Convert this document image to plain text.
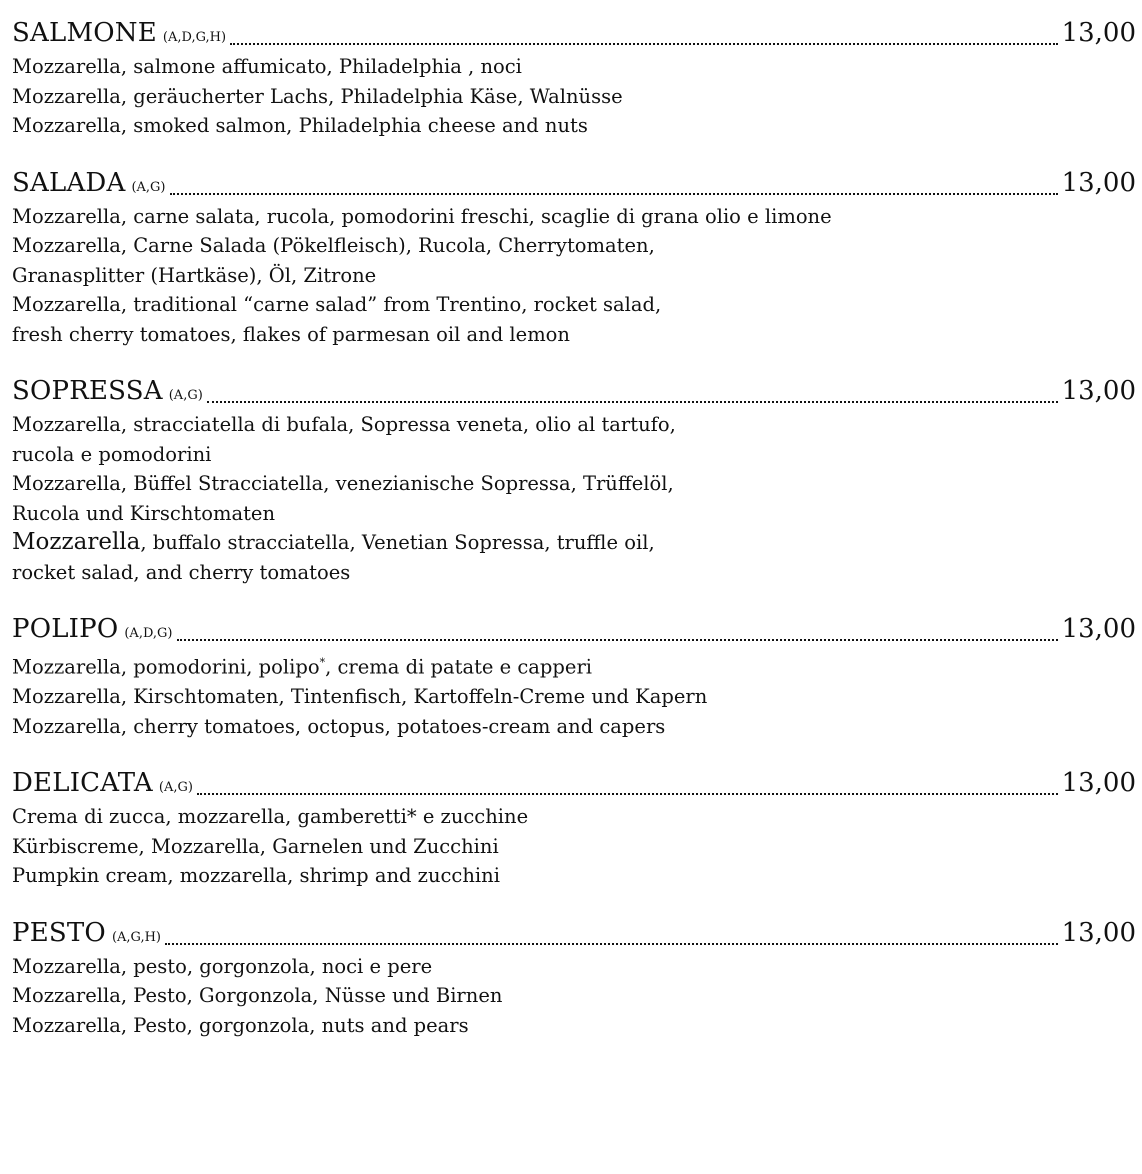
SALMONE (A,D,G,H)	13,00
Mozzarella, salmone affumicato, Philadelphia , noci
Mozzarella, geräucherter Lachs, Philadelphia Käse, Walnüsse
Mozzarella, smoked salmon, Philadelphia cheese and nuts
SALADA (A,G)	13,00
Mozzarella, carne salata, rucola, pomodorini freschi, scaglie di grana olio e limone
Mozzarella, Carne Salada (Pökelfleisch), Rucola, Cherrytomaten,
Granasplitter (Hartkäse), Öl, Zitrone
Mozzarella, traditional “carne salad” from Trentino, rocket salad,
fresh cherry tomatoes, flakes of parmesan oil and lemon
SOPRESSA (A,G)	13,00
Mozzarella, stracciatella di bufala, Sopressa veneta, olio al tartufo,
rucola e pomodorini
Mozzarella, Büffel Stracciatella, venezianische Sopressa, Trüffelöl,
Rucola und Kirschtomaten
Mozzarella, buffalo stracciatella, Venetian Sopressa, truffle oil,
rocket salad, and cherry tomatoes
POLIPO (A,D,G)	13,00
Mozzarella, pomodorini, polipo*, crema di patate e capperi
Mozzarella, Kirschtomaten, Tintenfisch, Kartoffeln-Creme und Kapern
Mozzarella, cherry tomatoes, octopus, potatoes-cream and capers
DELICATA (A,G)	13,00
Crema di zucca, mozzarella, gamberetti* e zucchine
Kürbiscreme, Mozzarella, Garnelen und Zucchini
Pumpkin cream, mozzarella, shrimp and zucchini
PESTO (A,G,H)	13,00
Mozzarella, pesto, gorgonzola, noci e pere
Mozzarella, Pesto, Gorgonzola, Nüsse und Birnen
Mozzarella, Pesto, gorgonzola, nuts and pears
